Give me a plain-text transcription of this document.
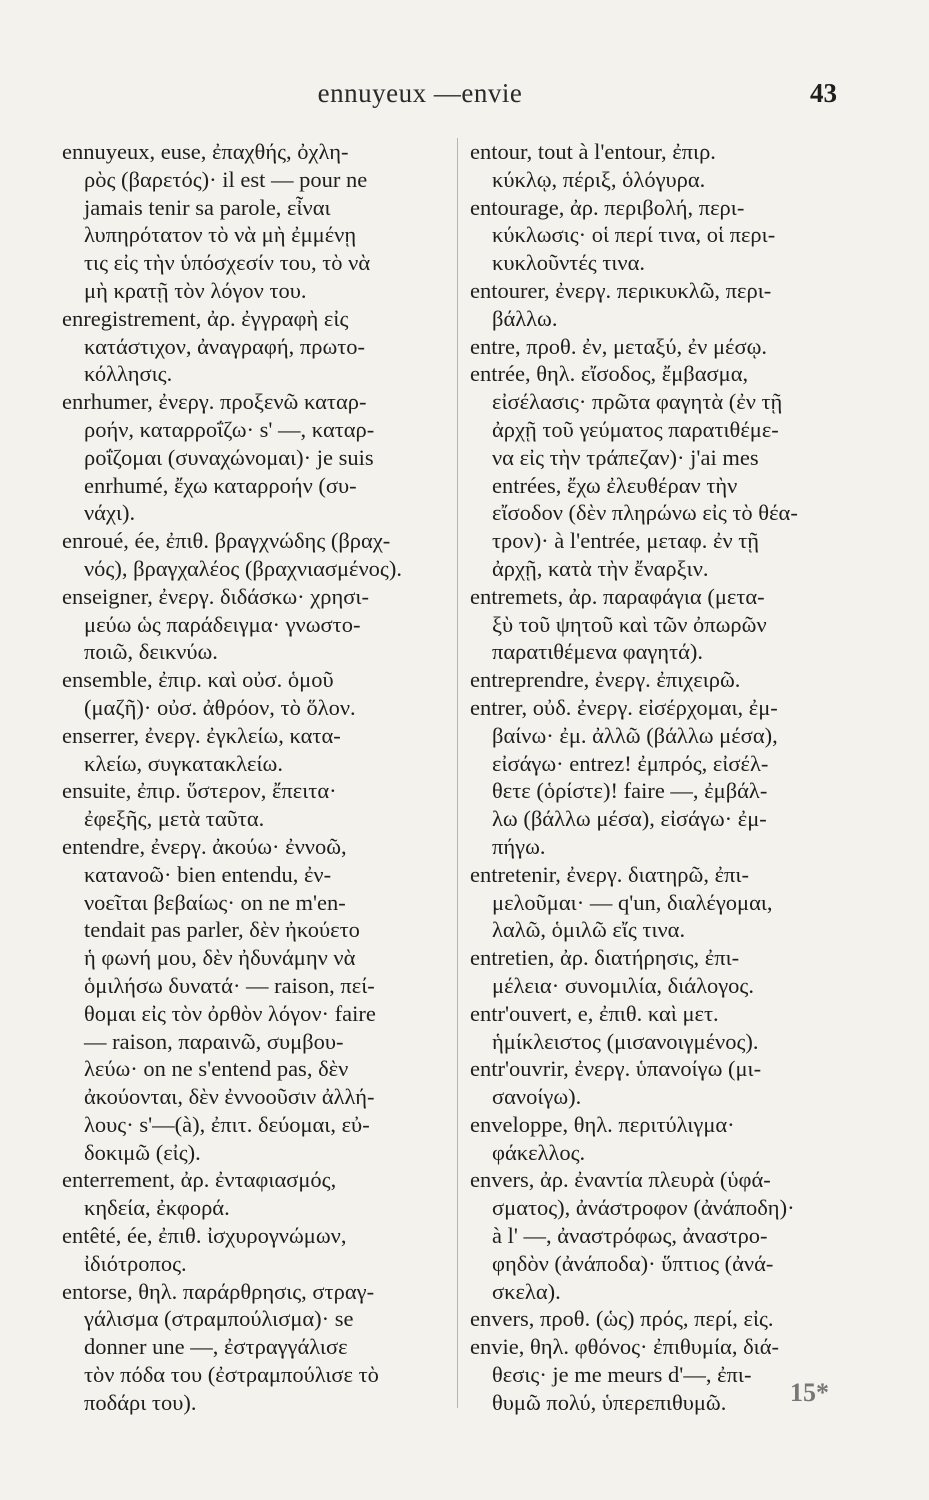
ennuyeux —envie	43
ennuyeux, euse, ἐπαχθής, ὀχλη-
ρὸς (βαρετός)· il est — pour ne
jamais tenir sa parole, εἶναι
λυπηρότατον τὸ νὰ μὴ ἐμμένῃ
τις εἰς τὴν ὑπόσχεσίν του, τὸ νὰ
μὴ κρατῇ τὸν λόγον του.
enregistrement, ἀρ. ἐγγραφὴ εἰς
κατάστιχον, ἀναγραφή, πρωτο-
κόλλησις.
enrhumer, ἐνεργ. προξενῶ καταρ-
ροήν, καταρροΐζω· s' —, καταρ-
ροΐζομαι (συναχώνομαι)· je suis
enrhumé, ἔχω καταρροήν (συ-
νάχι).
enroué, ée, ἐπιθ. βραγχνώδης (βραχ-
νός), βραγχαλέος (βραχνιασμένος).
enseigner, ἐνεργ. διδάσκω· χρησι-
μεύω ὡς παράδειγμα· γνωστο-
ποιῶ, δεικνύω.
ensemble, ἐπιρ. καὶ οὐσ. ὁμοῦ
(μαζῆ)· οὐσ. ἀθρόον, τὸ ὅλον.
enserrer, ἐνεργ. ἐγκλείω, κατα-
κλείω, συγκατακλείω.
ensuite, ἐπιρ. ὕστερον, ἔπειτα·
ἐφεξῆς, μετὰ ταῦτα.
entendre, ἐνεργ. ἀκούω· ἐννοῶ,
κατανοῶ· bien entendu, ἐν-
νοεῖται βεβαίως· on ne m'en-
tendait pas parler, δὲν ἠκούετο
ἡ φωνή μου, δὲν ἠδυνάμην νὰ
ὁμιλήσω δυνατά· — raison, πεί-
θομαι εἰς τὸν ὀρθὸν λόγον· faire
— raison, παραινῶ, συμβου-
λεύω· on ne s'entend pas, δὲν
ἀκούονται, δὲν ἐννοοῦσιν ἀλλή-
λους· s'—(à), ἐπιτ. δεύομαι, εὐ-
δοκιμῶ (εἰς).
enterrement, ἀρ. ἐνταφιασμός,
κηδεία, ἐκφορά.
entêté, ée, ἐπιθ. ἰσχυρογνώμων,
ἰδιότροπος.
entorse, θηλ. παράρθρησις, στραγ-
γάλισμα (στραμπούλισμα)· se
donner une —, ἐστραγγάλισε
τὸν πόδα του (ἐστραμπούλισε τὸ
ποδάρι του).
entour, tout à l'entour, ἐπιρ.
κύκλῳ, πέριξ, ὁλόγυρα.
entourage, ἀρ. περιβολή, περι-
κύκλωσις· οἱ περί τινα, οἱ περι-
κυκλοῦντές τινα.
entourer, ἐνεργ. περικυκλῶ, περι-
βάλλω.
entre, προθ. ἐν, μεταξύ, ἐν μέσῳ.
entrée, θηλ. εἴσοδος, ἔμβασμα,
εἰσέλασις· πρῶτα φαγητὰ (ἐν τῇ
ἀρχῇ τοῦ γεύματος παρατιθέμε-
να εἰς τὴν τράπεζαν)· j'ai mes
entrées, ἔχω ἐλευθέραν τὴν
εἴσοδον (δὲν πληρώνω εἰς τὸ θέα-
τρον)· à l'entrée, μεταφ. ἐν τῇ
ἀρχῇ, κατὰ τὴν ἔναρξιν.
entremets, ἀρ. παραφάγια (μετα-
ξὺ τοῦ ψητοῦ καὶ τῶν ὀπωρῶν
παρατιθέμενα φαγητά).
entreprendre, ἐνεργ. ἐπιχειρῶ.
entrer, οὐδ. ἐνεργ. εἰσέρχομαι, ἐμ-
βαίνω· ἐμ. ἀλλῶ (βάλλω μέσα),
εἰσάγω· entrez! ἐμπρός, εἰσέλ-
θετε (ὁρίστε)! faire —, ἐμβάλ-
λω (βάλλω μέσα), εἰσάγω· ἐμ-
πήγω.
entretenir, ἐνεργ. διατηρῶ, ἐπι-
μελοῦμαι· — q'un, διαλέγομαι,
λαλῶ, ὁμιλῶ εἴς τινα.
entretien, ἀρ. διατήρησις, ἐπι-
μέλεια· συνομιλία, διάλογος.
entr'ouvert, e, ἐπιθ. καὶ μετ.
ἡμίκλειστος (μισανοιγμένος).
entr'ouvrir, ἐνεργ. ὑπανοίγω (μι-
σανοίγω).
enveloppe, θηλ. περιτύλιγμα·
φάκελλος.
envers, ἀρ. ἐναντία πλευρὰ (ὑφά-
σματος), ἀνάστροφον (ἀνάποδη)·
à l' —, ἀναστρόφως, ἀναστρο-
φηδὸν (ἀνάποδα)· ὕπτιος (ἀνά-
σκελα).
envers, προθ. (ὡς) πρός, περί, εἰς.
envie, θηλ. φθόνος· ἐπιθυμία, διά-
θεσις· je me meurs d'—, ἐπι-
θυμῶ πολύ, ὑπερεπιθυμῶ.	15*
